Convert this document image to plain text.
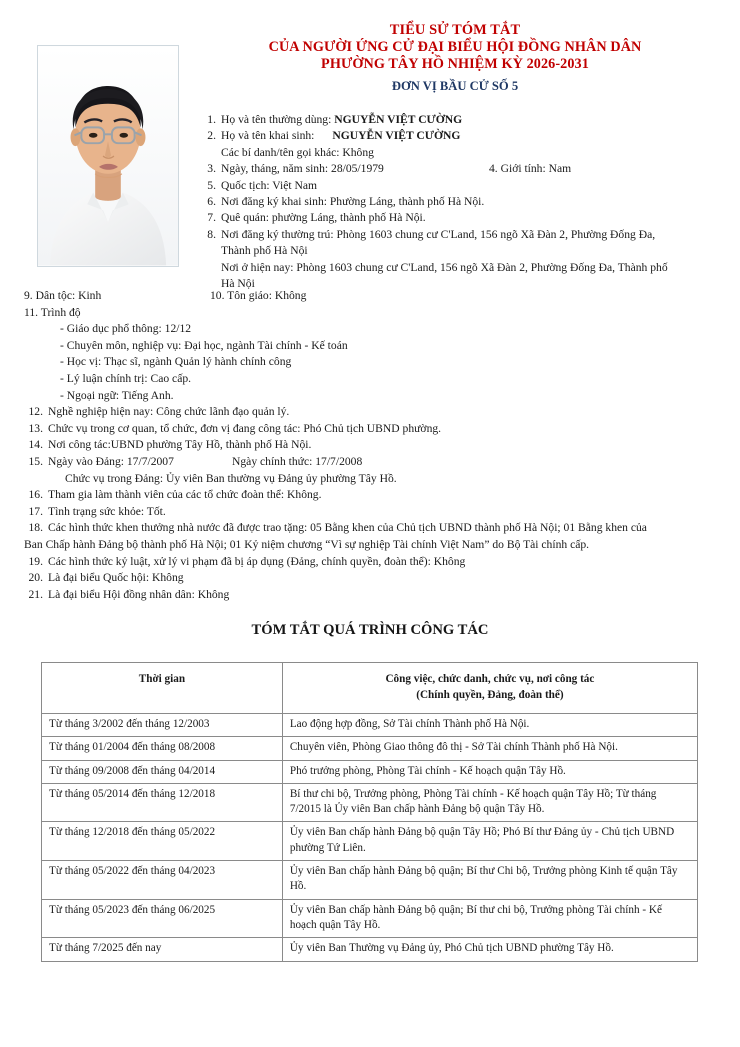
TIỂU SỬ TÓM TẮT
CỦA NGƯỜI ỨNG CỬ ĐẠI BIỂU HỘI ĐỒNG NHÂN DÂN
PHƯỜNG TÂY HỒ NHIỆM KỲ 2026-2031
ĐƠN VỊ BẦU CỬ SỐ 5
1. Họ và tên thường dùng: NGUYỄN VIỆT CƯỜNG
2. Họ và tên khai sinh: NGUYỄN VIỆT CƯỜNG
Các bí danh/tên gọi khác: Không
3. Ngày, tháng, năm sinh: 28/05/1979	4. Giới tính: Nam
5. Quốc tịch: Việt Nam
6. Nơi đăng ký khai sinh: Phường Láng, thành phố Hà Nội.
7. Quê quán: phường Láng, thành phố Hà Nội.
8. Nơi đăng ký thường trú: Phòng 1603 chung cư C'Land, 156 ngõ Xã Đàn 2, Phường Đống Đa,
Thành phố Hà Nội
Nơi ở hiện nay: Phòng 1603 chung cư C'Land, 156 ngõ Xã Đàn 2, Phường Đống Đa, Thành phố
Hà Nội
9. Dân tộc: Kinh	10. Tôn giáo: Không
11. Trình độ
- Giáo dục phổ thông: 12/12
- Chuyên môn, nghiệp vụ: Đại học, ngành Tài chính - Kế toán
- Học vị: Thạc sĩ, ngành Quản lý hành chính công
- Lý luận chính trị: Cao cấp.
- Ngoại ngữ: Tiếng Anh.
12. Nghề nghiệp hiện nay: Công chức lãnh đạo quản lý.
13. Chức vụ trong cơ quan, tổ chức, đơn vị đang công tác: Phó Chủ tịch UBND phường.
14. Nơi công tác:UBND phường Tây Hồ, thành phố Hà Nội.
15. Ngày vào Đảng: 17/7/2007	Ngày chính thức: 17/7/2008
Chức vụ trong Đảng: Ủy viên Ban thường vụ Đảng ủy phường Tây Hồ.
16. Tham gia làm thành viên của các tổ chức đoàn thể: Không.
17. Tình trạng sức khỏe: Tốt.
18. Các hình thức khen thưởng nhà nước đã được trao tặng: 05 Bằng khen của Chủ tịch UBND thành phố Hà Nội; 01 Bằng khen của
Ban Chấp hành Đảng bộ thành phố Hà Nội; 01 Kỷ niệm chương “Vì sự nghiệp Tài chính Việt Nam” do Bộ Tài chính cấp.
19. Các hình thức kỷ luật, xử lý vi phạm đã bị áp dụng (Đảng, chính quyền, đoàn thể): Không
20. Là đại biểu Quốc hội: Không
21. Là đại biểu Hội đồng nhân dân: Không
TÓM TẮT QUÁ TRÌNH CÔNG TÁC
Thời gian	Công việc, chức danh, chức vụ, nơi công tác
(Chính quyền, Đảng, đoàn thể)

Từ tháng 3/2002 đến tháng 12/2003	Lao động hợp đồng, Sở Tài chính Thành phố Hà Nội.
Từ tháng 01/2004 đến tháng 08/2008	Chuyên viên, Phòng Giao thông đô thị - Sở Tài chính Thành phố Hà Nội.
Từ tháng 09/2008 đến tháng 04/2014	Phó trưởng phòng, Phòng Tài chính - Kế hoạch quận Tây Hồ.
Từ tháng 05/2014 đến tháng 12/2018	Bí thư chi bộ, Trưởng phòng, Phòng Tài chính - Kế hoạch quận Tây Hồ; Từ tháng 7/2015 là Ủy viên Ban chấp hành Đảng bộ quận Tây Hồ.
Từ tháng 12/2018 đến tháng 05/2022	Ủy viên Ban chấp hành Đảng bộ quận Tây Hồ; Phó Bí thư Đảng ủy - Chủ tịch UBND phường Tứ Liên.
Từ tháng 05/2022 đến tháng 04/2023	Ủy viên Ban chấp hành Đảng bộ quận; Bí thư Chi bộ, Trưởng phòng Kinh tế quận Tây Hồ.
Từ tháng 05/2023 đến tháng 06/2025	Ủy viên Ban chấp hành Đảng bộ quận; Bí thư chi bộ, Trưởng phòng Tài chính - Kế hoạch quận Tây Hồ.
Từ tháng 7/2025 đến nay	Ủy viên Ban Thường vụ Đảng ủy, Phó Chủ tịch UBND phường Tây Hồ.
